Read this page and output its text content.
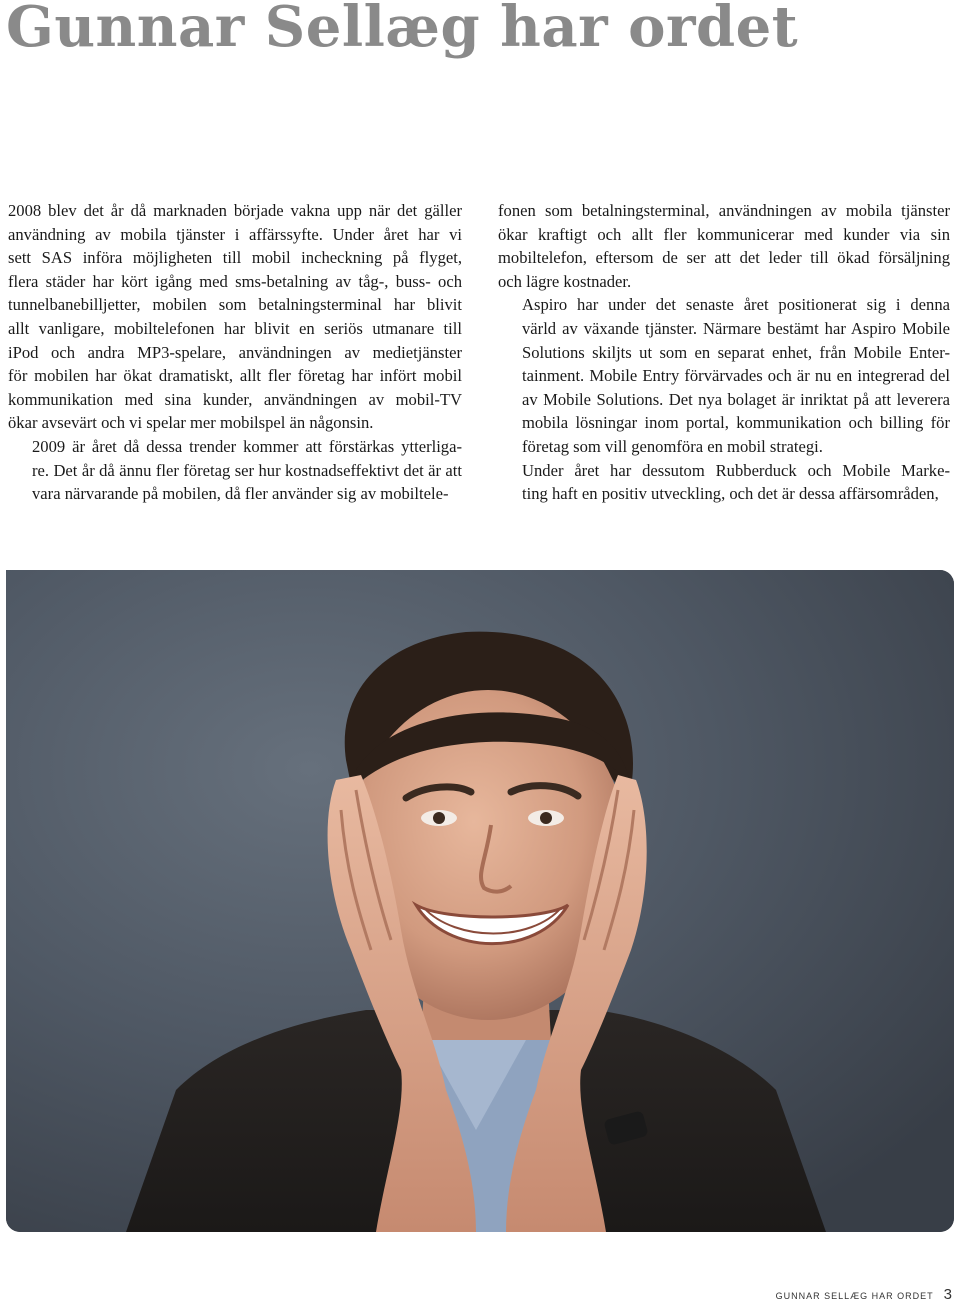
Gunnar Sellæg har ordet

2008 blev det år då marknaden började vakna upp när det gäller
användning av mobila tjänster i affärssyfte. Under året har vi
sett SAS införa möjligheten till mobil incheckning på flyget,
flera städer har kört igång med sms-betalning av tåg-, buss- och
tunnelbanebilljetter, mobilen som betalningsterminal har blivit
allt vanligare, mobiltelefonen har blivit en seriös utmanare till
iPod och andra MP3-spelare, användningen av medietjänster
för mobilen har ökat dramatiskt, allt fler företag har infört mobil
kommunikation med sina kunder, användningen av mobil-TV
ökar avsevärt och vi spelar mer mobilspel än någonsin.

2009 är året då dessa trender kommer att förstärkas ytterliga-
re. Det år då ännu fler företag ser hur kostnadseffektivt det är att
vara närvarande på mobilen, då fler använder sig av mobiltele-

fonen som betalningsterminal, användningen av mobila tjänster
ökar kraftigt och allt fler kommunicerar med kunder via sin
mobiltelefon, eftersom de ser att det leder till ökad försäljning
och lägre kostnader.

Aspiro har under det senaste året positionerat sig i denna
värld av växande tjänster. Närmare bestämt har Aspiro Mobile
Solutions skiljts ut som en separat enhet, från Mobile Enter-
tainment. Mobile Entry förvärvades och är nu en integrerad del
av Mobile Solutions. Det nya bolaget är inriktat på att leverera
mobila lösningar inom portal, kommunikation och billing för
företag som vill genomföra en mobil strategi.

Under året har dessutom Rubberduck och Mobile Marke-
ting haft en positiv utveckling, och det är dessa affärsområden,

gunnar sellæg har ordet 3
